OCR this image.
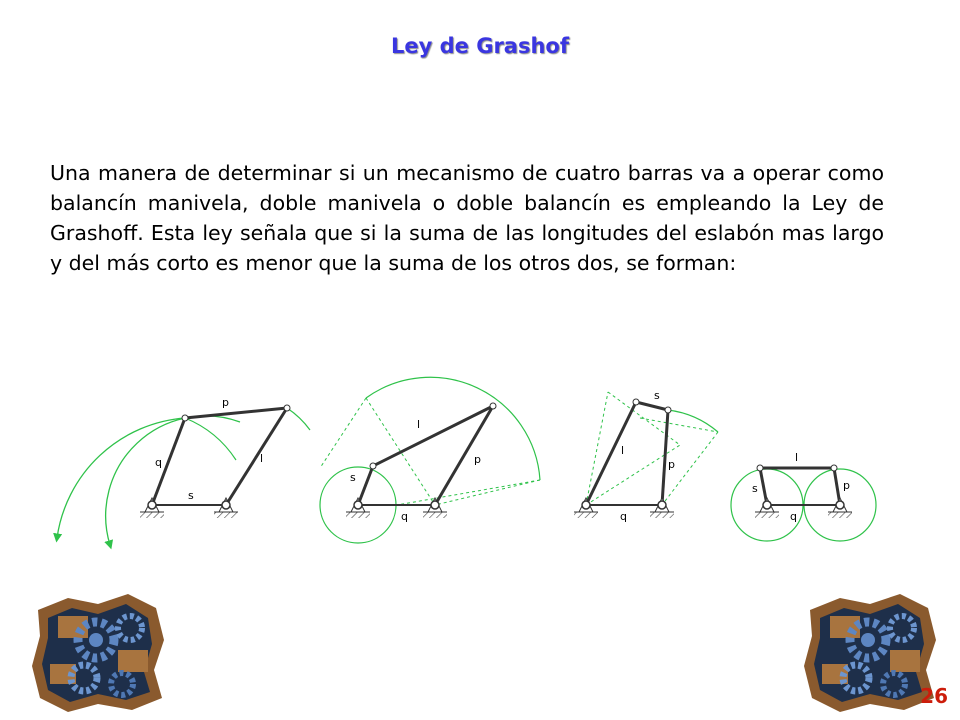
Ley de Grashof
Una manera de determinar si un mecanismo de cuatro barras va a operar como balancín manivela, doble manivela o doble balancín es empleando la Ley de Grashoff. Esta ley señala que si la suma de las longitudes del eslabón mas largo y del más corto es menor que la suma de los otros dos, se forman:
p
q	l
s
l
s
p
q
s
l
p
q
l
s	p
q
26
